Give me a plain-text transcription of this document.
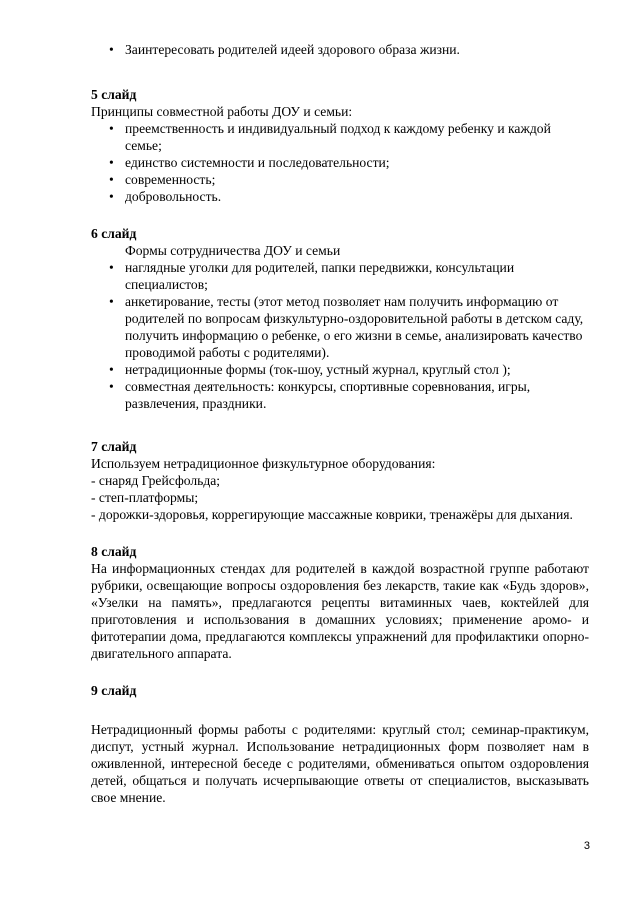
• Заинтересовать родителей идеей здорового образа жизни.
5 слайд
Принципы совместной работы ДОУ и семьи:
• преемственность и индивидуальный подход к каждому ребенку и каждой семье;
• единство системности и последовательности;
• современность;
• добровольность.
6 слайд
Формы сотрудничества ДОУ и семьи
• наглядные уголки для родителей, папки передвижки, консультации специалистов;
• анкетирование, тесты (этот метод позволяет нам получить информацию от родителей по вопросам физкультурно-оздоровительной работы в детском саду, получить информацию о ребенке, о его жизни в семье, анализировать качество проводимой работы с родителями).
• нетрадиционные формы (ток-шоу, устный журнал, круглый стол );
• совместная деятельность: конкурсы, спортивные соревнования, игры, развлечения, праздники.
7 слайд
Используем нетрадиционное физкультурное оборудования:
- снаряд Грейсфольда;
- степ-платформы;
- дорожки-здоровья, коррегирующие массажные коврики, тренажёры для дыхания.
8 слайд
На информационных стендах для родителей в каждой возрастной группе работают рубрики, освещающие вопросы оздоровления без лекарств, такие как «Будь здоров», «Узелки на память», предлагаются рецепты витаминных чаев, коктейлей для приготовления и использования в домашних условиях; применение аромо- и фитотерапии дома, предлагаются комплексы упражнений для профилактики опорно-двигательного аппарата.
9 слайд
Нетрадиционный формы работы с родителями: круглый стол; семинар-практикум, диспут, устный журнал. Использование нетрадиционных форм позволяет нам в оживленной, интересной беседе с родителями, обмениваться опытом оздоровления детей, общаться и получать исчерпывающие ответы от специалистов, высказывать свое мнение.
3
